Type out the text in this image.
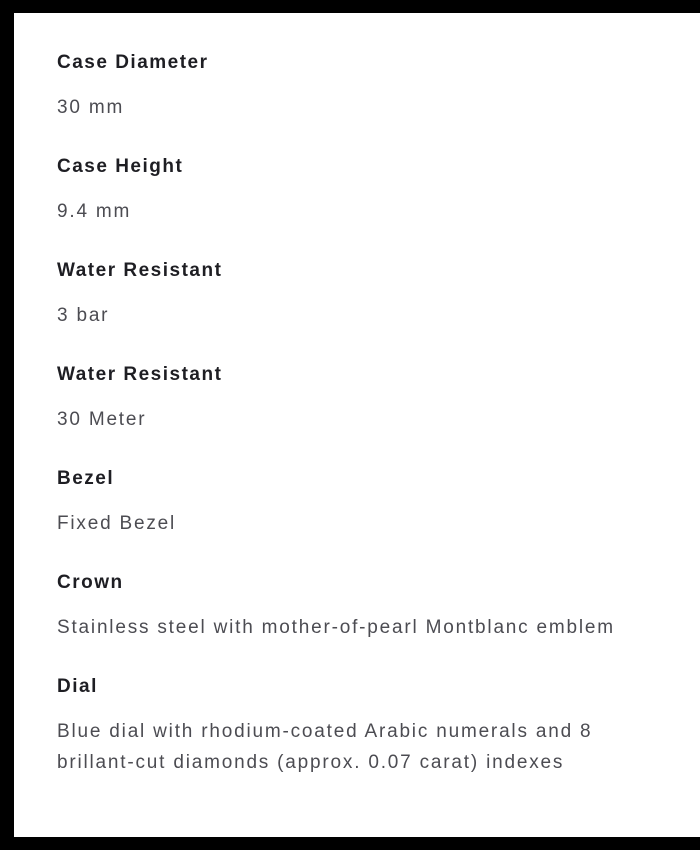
Case Diameter
30 mm
Case Height
9.4 mm
Water Resistant
3 bar
Water Resistant
30 Meter
Bezel
Fixed Bezel
Crown
Stainless steel with mother-of-pearl Montblanc emblem
Dial
Blue dial with rhodium-coated Arabic numerals and 8 brillant-cut diamonds (approx. 0.07 carat) indexes
